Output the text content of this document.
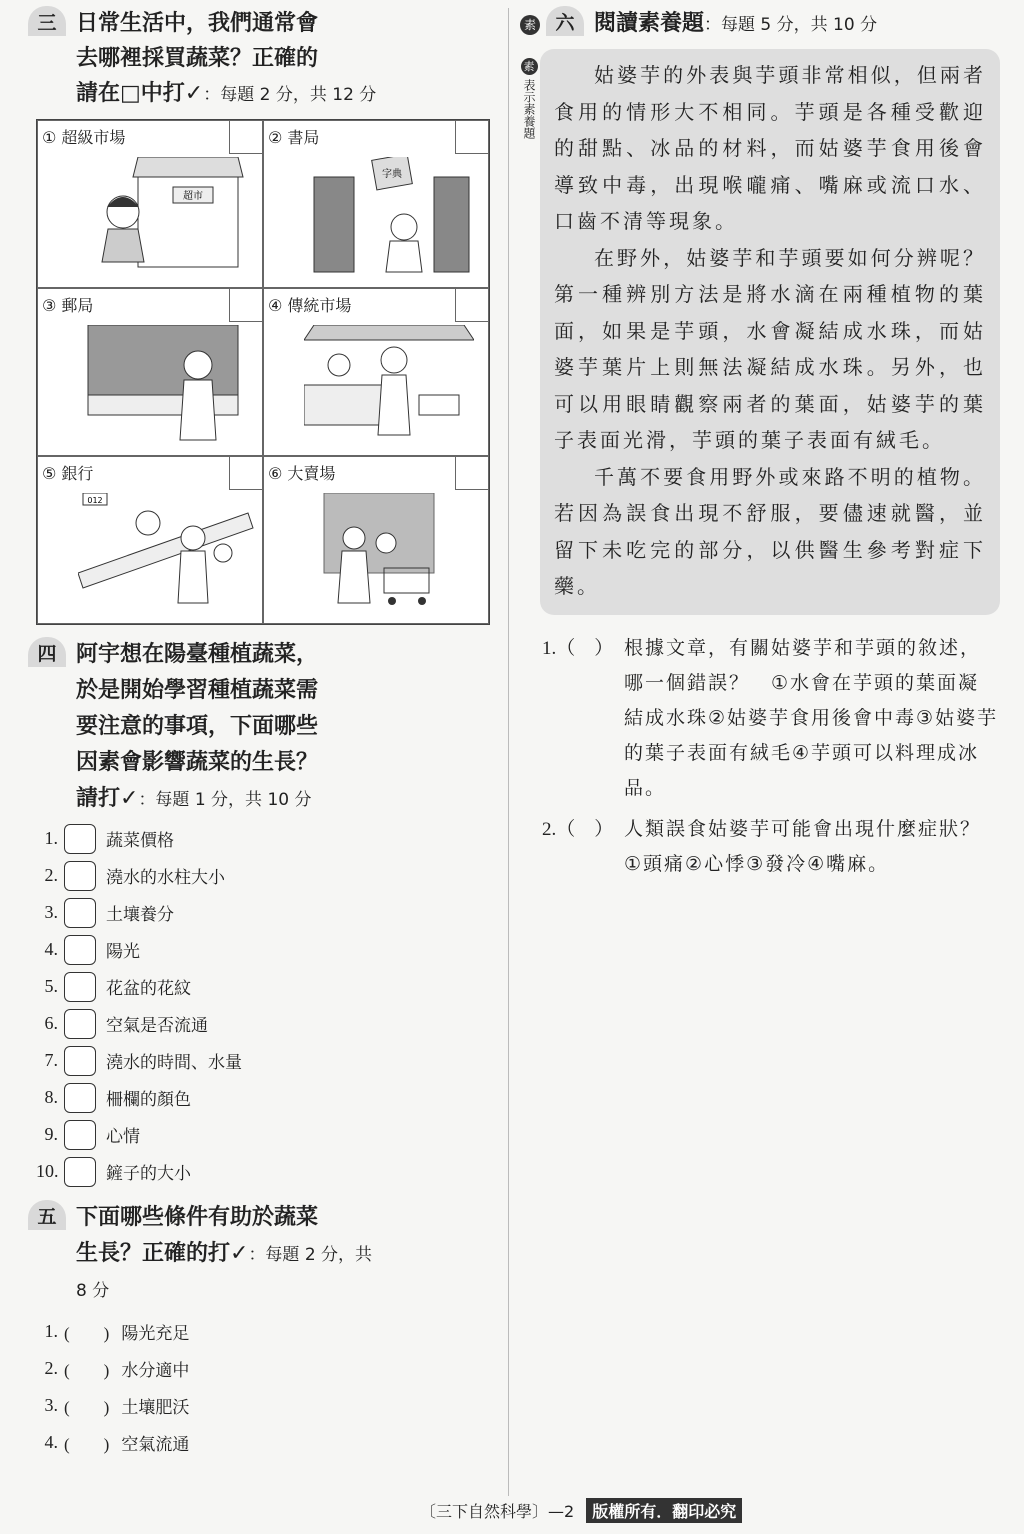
三 日常生活中，我們通常會
去哪裡採買蔬菜？正確的
請在□中打✓：每題 2 分，共 12 分
① 超級市場
超市
② 書局
字典
③ 郵局	④ 傳統市場
⑤ 銀行
012
⑥ 大賣場
四 阿宇想在陽臺種植蔬菜，
於是開始學習種植蔬菜需
要注意的事項，下面哪些
因素會影響蔬菜的生長？
請打✓：每題 1 分，共 10 分
1.	蔬菜價格
2.	澆水的水柱大小
3.	土壤養分
4.	陽光
5.	花盆的花紋
6.	空氣是否流通
7.	澆水的時間、水量
8.	柵欄的顏色
9.	心情
10.	鏟子的大小
五 下面哪些條件有助於蔬菜
生長？正確的打✓：每題 2 分，共
8 分
1. (　　) 陽光充足
2. (　　) 水分適中
3. (　　) 土壤肥沃
4. (　　) 空氣流通
素	六 閱讀素養題：每題 5 分，共 10 分
素
表示素養題

姑婆芋的外表與芋頭非常相似，但兩者食用的情形大不相同。芋頭是各種受歡迎的甜點、冰品的材料，而姑婆芋食用後會導致中毒，出現喉嚨痛、嘴麻或流口水、口齒不清等現象。

在野外，姑婆芋和芋頭要如何分辨呢？第一種辨別方法是將水滴在兩種植物的葉面，如果是芋頭，水會凝結成水珠，而姑婆芋葉片上則無法凝結成水珠。另外，也可以用眼睛觀察兩者的葉面，姑婆芋的葉子表面光滑，芋頭的葉子表面有絨毛。

千萬不要食用野外或來路不明的植物。若因為誤食出現不舒服，要儘速就醫，並留下未吃完的部分，以供醫生參考對症下藥。

1.（　） 根據文章，有關姑婆芋和芋頭的敘述，哪一個錯誤？　①水會在芋頭的葉面凝結成水珠②姑婆芋食用後會中毒③姑婆芋的葉子表面有絨毛④芋頭可以料理成冰品。
2.（　） 人類誤食姑婆芋可能會出現什麼症狀？　①頭痛②心悸③發冷④嘴麻。
〔三下自然科學〕—2	版權所有．翻印必究
